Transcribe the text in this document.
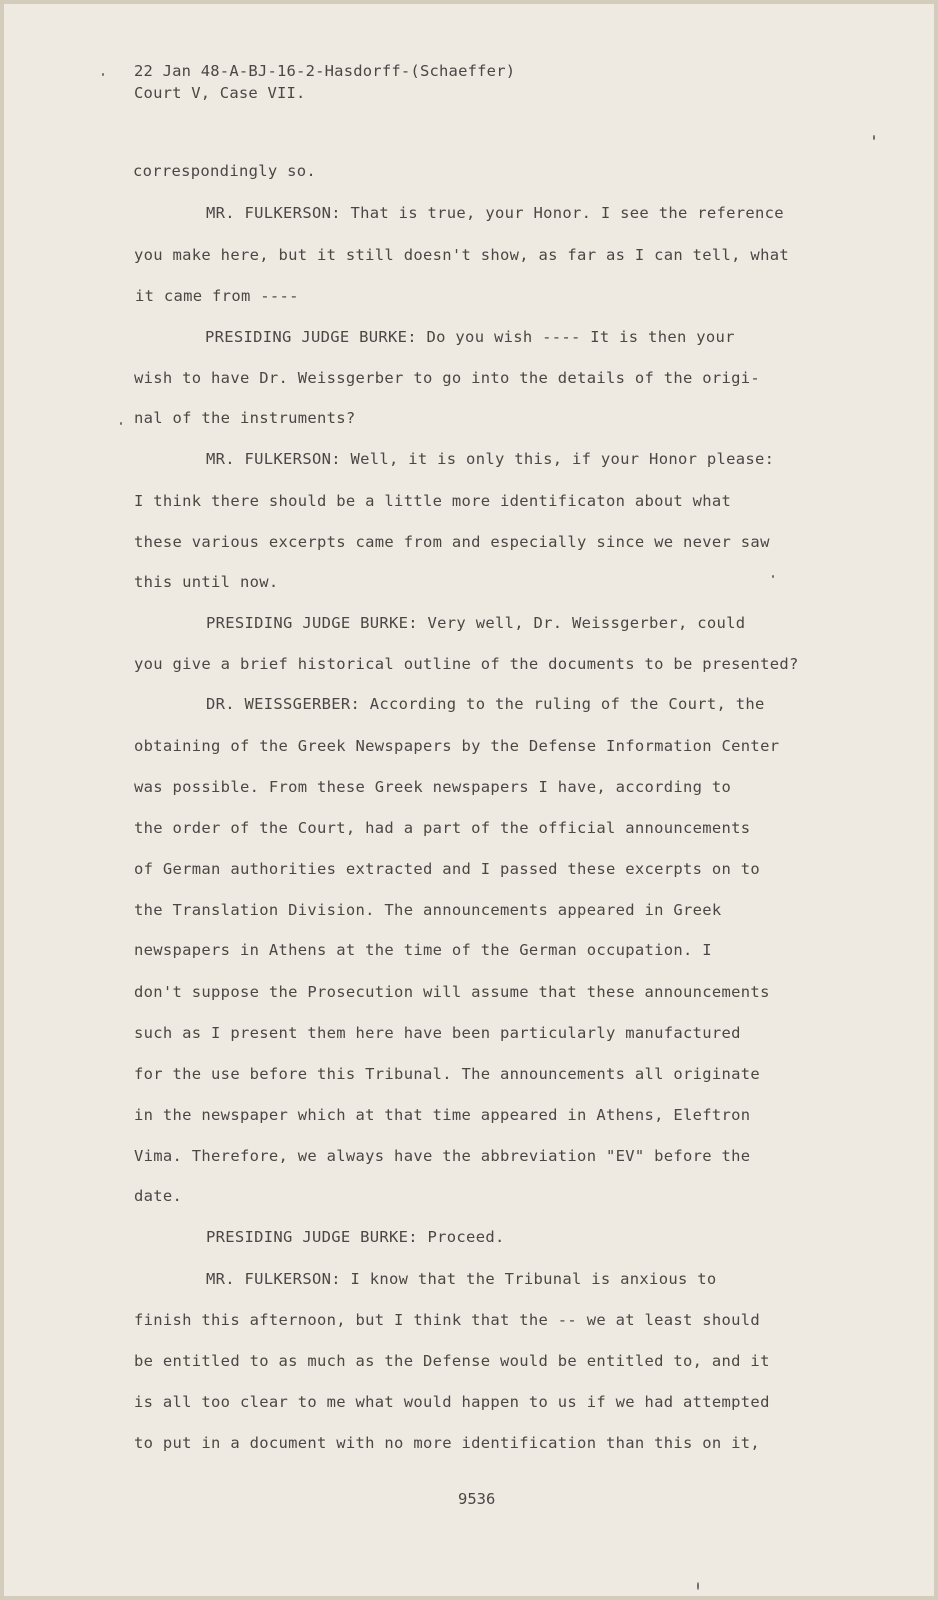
22 Jan 48-A-BJ-16-2-Hasdorff-(Schaeffer)
Court V, Case VII.
correspondingly so.
MR. FULKERSON: That is true, your Honor. I see the reference
you make here, but it still doesn't show, as far as I can tell, what
it came from ----
PRESIDING JUDGE BURKE: Do you wish ---- It is then your
wish to have Dr. Weissgerber to go into the details of the origi-
nal of the instruments?
MR. FULKERSON: Well, it is only this, if your Honor please:
I think there should be a little more identificaton about what
these various excerpts came from and especially since we never saw
this until now.
PRESIDING JUDGE BURKE: Very well, Dr. Weissgerber, could
you give a brief historical outline of the documents to be presented?
DR. WEISSGERBER: According to the ruling of the Court, the
obtaining of the Greek Newspapers by the Defense Information Center
was possible. From these Greek newspapers I have, according to
the order of the Court, had a part of the official announcements
of German authorities extracted and I passed these excerpts on to
the Translation Division. The announcements appeared in Greek
newspapers in Athens at the time of the German occupation. I
don't suppose the Prosecution will assume that these announcements
such as I present them here have been particularly manufactured
for the use before this Tribunal. The announcements all originate
in the newspaper which at that time appeared in Athens, Eleftron
Vima. Therefore, we always have the abbreviation "EV" before the
date.
PRESIDING JUDGE BURKE: Proceed.
MR. FULKERSON: I know that the Tribunal is anxious to
finish this afternoon, but I think that the -- we at least should
be entitled to as much as the Defense would be entitled to, and it
is all too clear to me what would happen to us if we had attempted
to put in a document with no more identification than this on it,
9536
